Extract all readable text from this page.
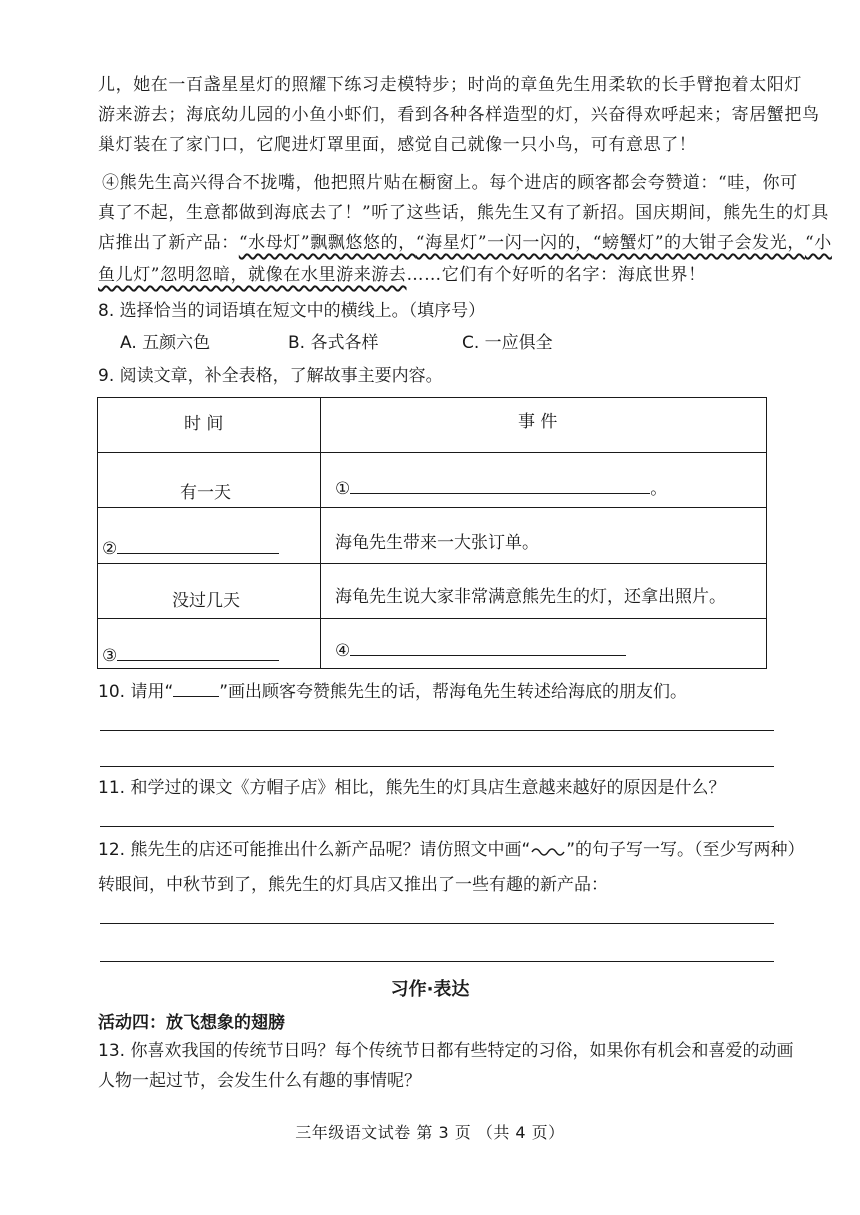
儿，她在一百盏星星灯的照耀下练习走模特步；时尚的章鱼先生用柔软的长手臂抱着太阳灯
游来游去；海底幼儿园的小鱼小虾们，看到各种各样造型的灯，兴奋得欢呼起来；寄居蟹把鸟
巢灯装在了家门口，它爬进灯罩里面，感觉自己就像一只小鸟，可有意思了！
④熊先生高兴得合不拢嘴，他把照片贴在橱窗上。每个进店的顾客都会夸赞道：“哇，你可
真了不起，生意都做到海底去了！”听了这些话，熊先生又有了新招。国庆期间，熊先生的灯具
店推出了新产品：“水母灯”飘飘悠悠的，“海星灯”一闪一闪的，“螃蟹灯”的大钳子会发光，“小
鱼儿灯”忽明忽暗，就像在水里游来游去……它们有个好听的名字：海底世界！
8. 选择恰当的词语填在短文中的横线上。（填序号）
A. 五颜六色	B. 各式各样	C. 一应俱全
9. 阅读文章，补全表格，了解故事主要内容。
时 间	事 件
有一天	①	。
②	海龟先生带来一大张订单。
没过几天	海龟先生说大家非常满意熊先生的灯，还拿出照片。
③	④
10. 请用“	”画出顾客夸赞熊先生的话，帮海龟先生转述给海底的朋友们。
11. 和学过的课文《方帽子店》相比，熊先生的灯具店生意越来越好的原因是什么？
12. 熊先生的店还可能推出什么新产品呢？请仿照文中画“ ”的句子写一写。（至少写两种）
转眼间，中秋节到了，熊先生的灯具店又推出了一些有趣的新产品：
习作·表达
活动四：放飞想象的翅膀
13. 你喜欢我国的传统节日吗？每个传统节日都有些特定的习俗，如果你有机会和喜爱的动画
人物一起过节，会发生什么有趣的事情呢？
三年级语文试卷 第 3 页 （共 4 页）
